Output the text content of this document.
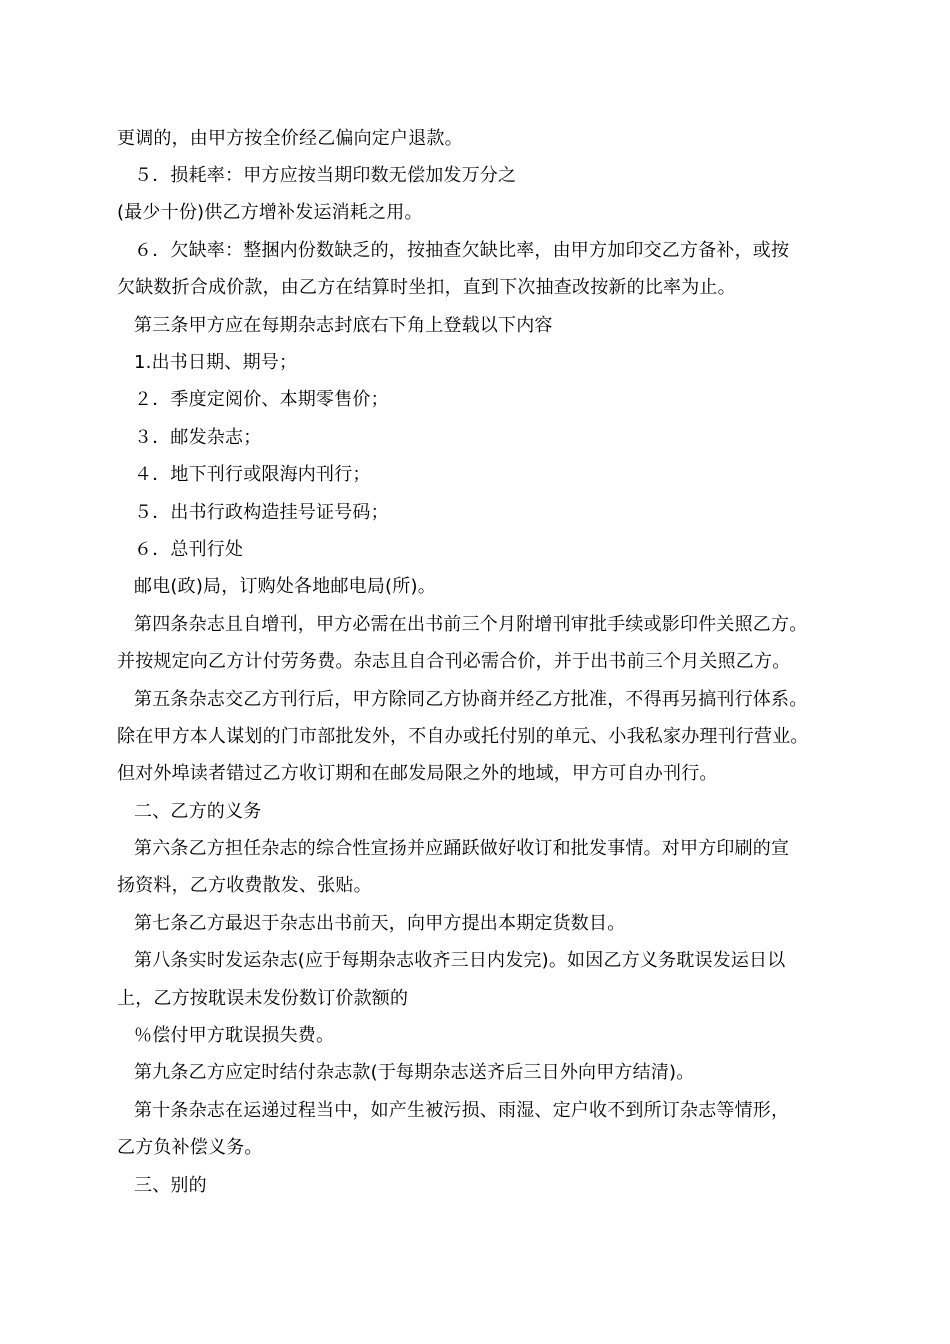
更调的，由甲方按全价经乙偏向定户退款。
５．损耗率：甲方应按当期印数无偿加发万分之
(最少十份)供乙方增补发运消耗之用。
６．欠缺率：整捆内份数缺乏的，按抽查欠缺比率，由甲方加印交乙方备补，或按
欠缺数折合成价款，由乙方在结算时坐扣，直到下次抽查改按新的比率为止。
第三条甲方应在每期杂志封底右下角上登载以下内容
1.出书日期、期号；
２．季度定阅价、本期零售价；
３．邮发杂志；
４．地下刊行或限海内刊行；
５．出书行政构造挂号证号码；
６．总刊行处
邮电(政)局，订购处各地邮电局(所)。
第四条杂志且自增刊，甲方必需在出书前三个月附增刊审批手续或影印件关照乙方。
并按规定向乙方计付劳务费。杂志且自合刊必需合价，并于出书前三个月关照乙方。
第五条杂志交乙方刊行后，甲方除同乙方协商并经乙方批准，不得再另搞刊行体系。
除在甲方本人谋划的门市部批发外，不自办或托付别的单元、小我私家办理刊行营业。
但对外埠读者错过乙方收订期和在邮发局限之外的地域，甲方可自办刊行。
二、乙方的义务
第六条乙方担任杂志的综合性宣扬并应踊跃做好收订和批发事情。对甲方印刷的宣
扬资料，乙方收费散发、张贴。
第七条乙方最迟于杂志出书前天，向甲方提出本期定货数目。
第八条实时发运杂志(应于每期杂志收齐三日内发完)。如因乙方义务耽误发运日以
上，乙方按耽误未发份数订价款额的
％偿付甲方耽误损失费。
第九条乙方应定时结付杂志款(于每期杂志送齐后三日外向甲方结清)。
第十条杂志在运递过程当中，如产生被污损、雨湿、定户收不到所订杂志等情形，
乙方负补偿义务。
三、别的
